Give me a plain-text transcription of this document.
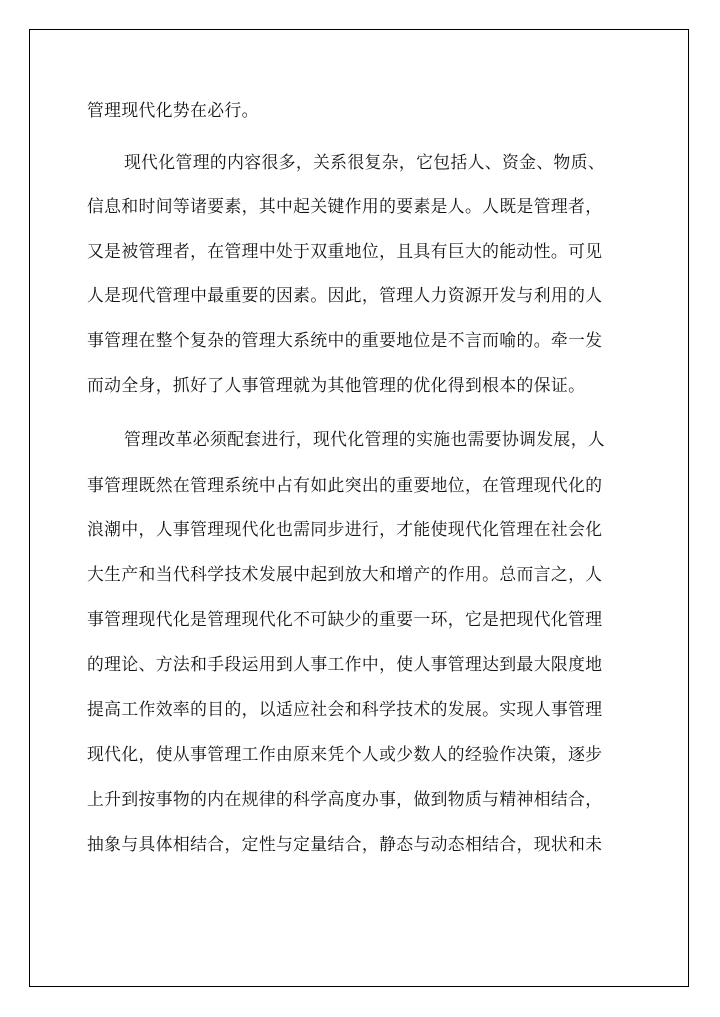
管理现代化势在必行。
现代化管理的内容很多，关系很复杂，它包括人、资金、物质、
信息和时间等诸要素，其中起关键作用的要素是人。人既是管理者，
又是被管理者，在管理中处于双重地位，且具有巨大的能动性。可见
人是现代管理中最重要的因素。因此，管理人力资源开发与利用的人
事管理在整个复杂的管理大系统中的重要地位是不言而喻的。牵一发
而动全身，抓好了人事管理就为其他管理的优化得到根本的保证。
管理改革必须配套进行，现代化管理的实施也需要协调发展，人
事管理既然在管理系统中占有如此突出的重要地位，在管理现代化的
浪潮中，人事管理现代化也需同步进行，才能使现代化管理在社会化
大生产和当代科学技术发展中起到放大和增产的作用。总而言之，人
事管理现代化是管理现代化不可缺少的重要一环，它是把现代化管理
的理论、方法和手段运用到人事工作中，使人事管理达到最大限度地
提高工作效率的目的，以适应社会和科学技术的发展。实现人事管理
现代化，使从事管理工作由原来凭个人或少数人的经验作决策，逐步
上升到按事物的内在规律的科学高度办事，做到物质与精神相结合，
抽象与具体相结合，定性与定量结合，静态与动态相结合，现状和未
